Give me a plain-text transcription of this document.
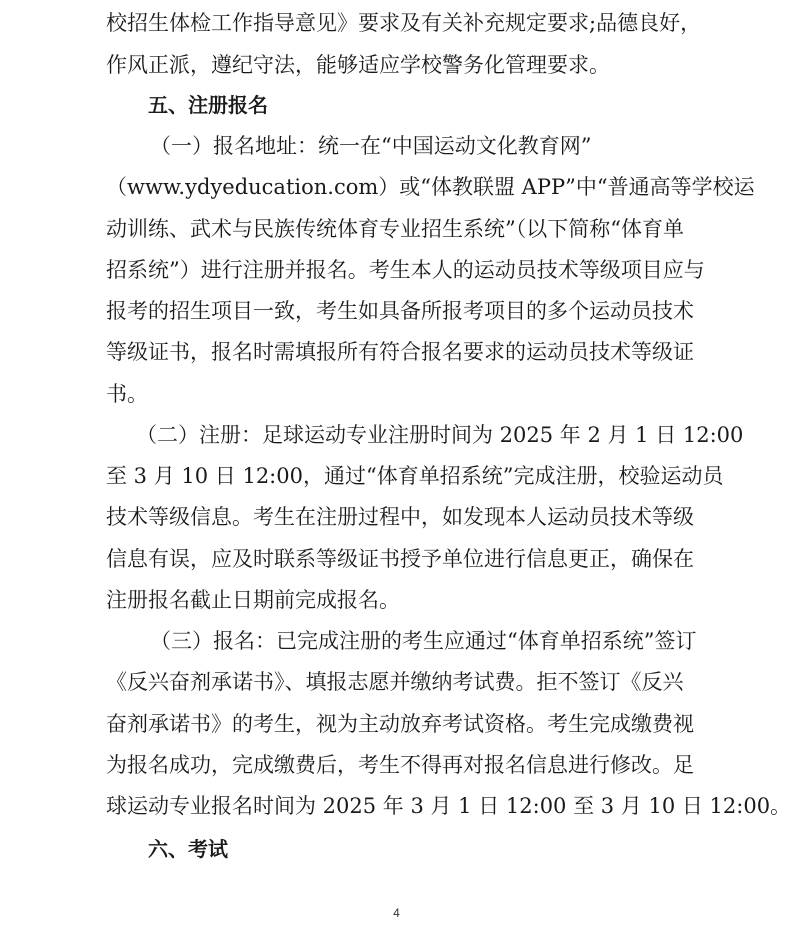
校招生体检工作指导意见》要求及有关补充规定要求;品德良好，
作风正派，遵纪守法，能够适应学校警务化管理要求。
五、注册报名
（一）报名地址：统一在“中国运动文化教育网”
（www.ydyeducation.com）或“体教联盟 APP”中“普通高等学校运
动训练、武术与民族传统体育专业招生系统”（以下简称“体育单
招系统”）进行注册并报名。考生本人的运动员技术等级项目应与
报考的招生项目一致，考生如具备所报考项目的多个运动员技术
等级证书，报名时需填报所有符合报名要求的运动员技术等级证
书。
（二）注册：足球运动专业注册时间为 2025 年 2 月 1 日 12:00
至 3 月 10 日 12:00，通过“体育单招系统”完成注册，校验运动员
技术等级信息。考生在注册过程中，如发现本人运动员技术等级
信息有误，应及时联系等级证书授予单位进行信息更正，确保在
注册报名截止日期前完成报名。
（三）报名：已完成注册的考生应通过“体育单招系统”签订
《反兴奋剂承诺书》、填报志愿并缴纳考试费。拒不签订《反兴
奋剂承诺书》的考生，视为主动放弃考试资格。考生完成缴费视
为报名成功，完成缴费后，考生不得再对报名信息进行修改。足
球运动专业报名时间为 2025 年 3 月 1 日 12:00 至 3 月 10 日 12:00。
六、考试
4
